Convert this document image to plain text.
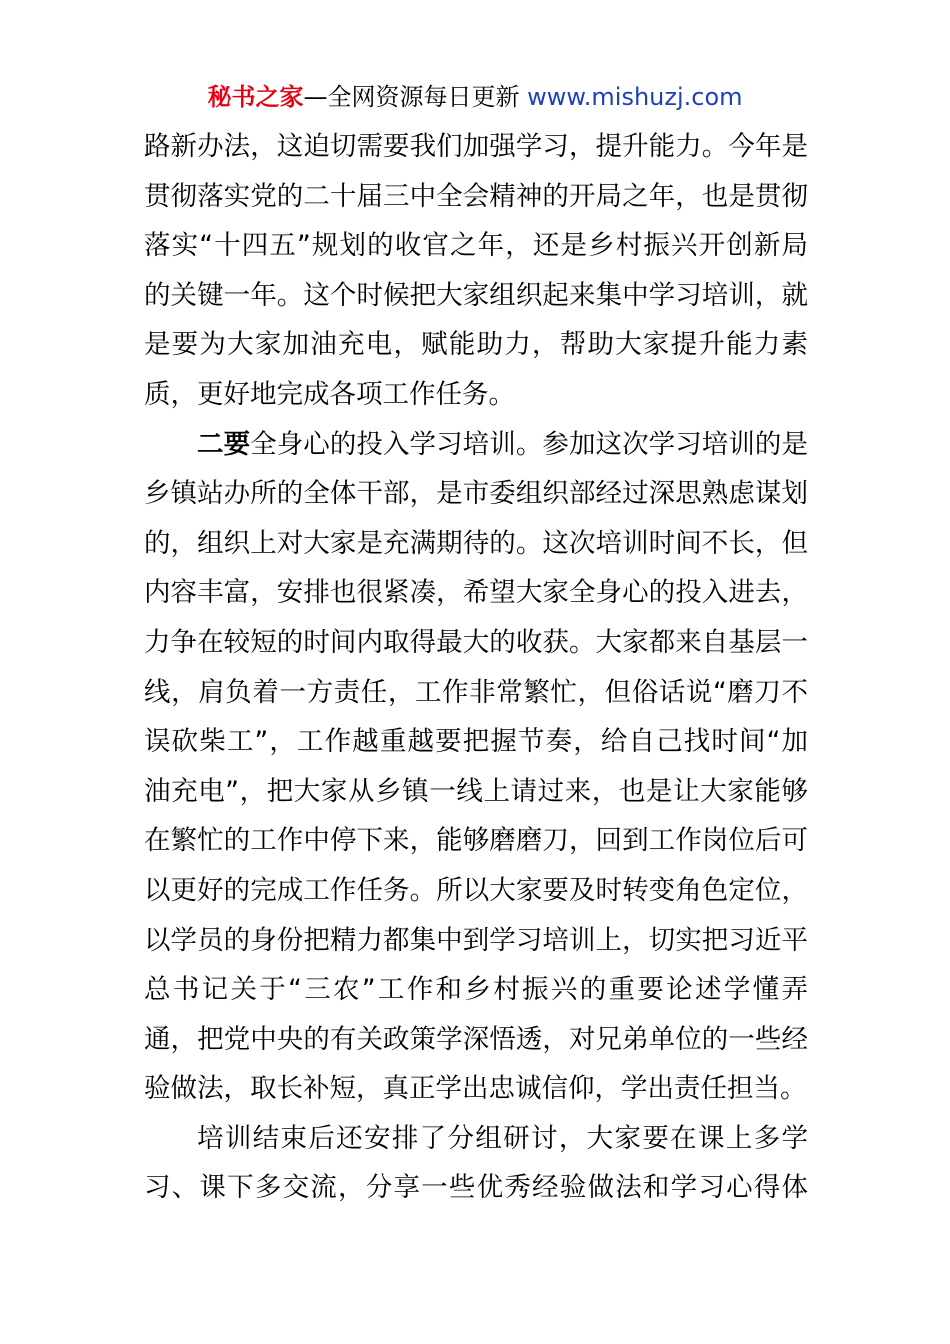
秘书之家—全网资源每日更新 www.mishuzj.com
路新办法，这迫切需要我们加强学习，提升能力。今年是
贯彻落实党的二十届三中全会精神的开局之年，也是贯彻
落实“十四五”规划的收官之年，还是乡村振兴开创新局
的关键一年。这个时候把大家组织起来集中学习培训，就
是要为大家加油充电，赋能助力，帮助大家提升能力素
质，更好地完成各项工作任务。
二要全身心的投入学习培训。参加这次学习培训的是
乡镇站办所的全体干部，是市委组织部经过深思熟虑谋划
的，组织上对大家是充满期待的。这次培训时间不长，但
内容丰富，安排也很紧凑，希望大家全身心的投入进去，
力争在较短的时间内取得最大的收获。大家都来自基层一
线，肩负着一方责任，工作非常繁忙，但俗话说“磨刀不
误砍柴工”，工作越重越要把握节奏，给自己找时间“加
油充电”，把大家从乡镇一线上请过来，也是让大家能够
在繁忙的工作中停下来，能够磨磨刀，回到工作岗位后可
以更好的完成工作任务。所以大家要及时转变角色定位，
以学员的身份把精力都集中到学习培训上，切实把习近平
总书记关于“三农”工作和乡村振兴的重要论述学懂弄
通，把党中央的有关政策学深悟透，对兄弟单位的一些经
验做法，取长补短，真正学出忠诚信仰，学出责任担当。
培训结束后还安排了分组研讨，大家要在课上多学
习、课下多交流，分享一些优秀经验做法和学习心得体
